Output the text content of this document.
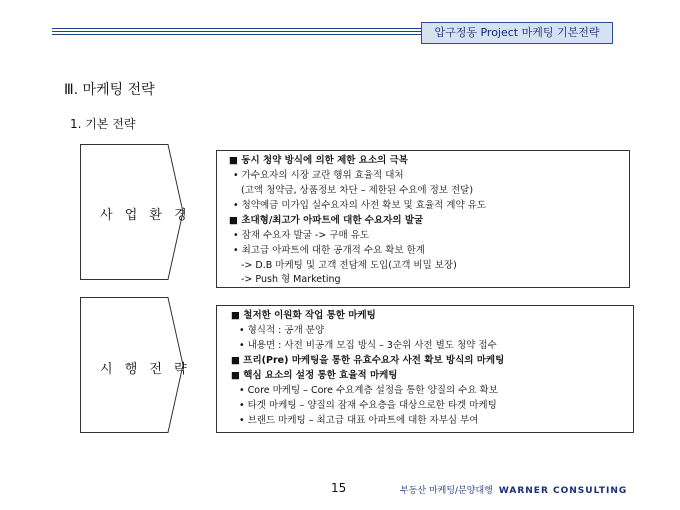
압구정동 Project 마케팅 기본전략
Ⅲ. 마케팅 전략
1. 기본 전략
사 업 환 경
■ 동시 청약 방식에 의한 제한 요소의 극복
• 가수요자의 시장 교란 행위 효율적 대처
(고액 청약금, 상품정보 차단 – 제한된 수요에 정보 전달)
• 청약예금 미가입 실수요자의 사전 확보 및 효율적 계약 유도
■ 초대형/최고가 아파트에 대한 수요자의 발굴
• 잠재 수요자 발굴 -> 구매 유도
• 최고급 아파트에 대한 공개적 수요 확보 한계
-> D.B 마케팅 및 고객 전담제 도입(고객 비밀 보장)
-> Push 형 Marketing
시 행 전 략
■ 철저한 이원화 작업 통한 마케팅
• 형식적 : 공개 분양
• 내용면 : 사전 비공개 모집 방식 – 3순위 사전 별도 청약 접수
■ 프리(Pre) 마케팅을 통한 유효수요자 사전 확보 방식의 마케팅
■ 핵심 요소의 설정 통한 효율적 마케팅
• Core 마케팅 – Core 수요계층 설정을 통한 양질의 수요 확보
• 타겟 마케팅 – 양질의 잠재 수요층을 대상으로한 타겟 마케팅
• 브랜드 마케팅 – 최고급 대표 아파트에 대한 자부심 부여
15	부동산 마케팅/분양대행 WARNER CONSULTING
